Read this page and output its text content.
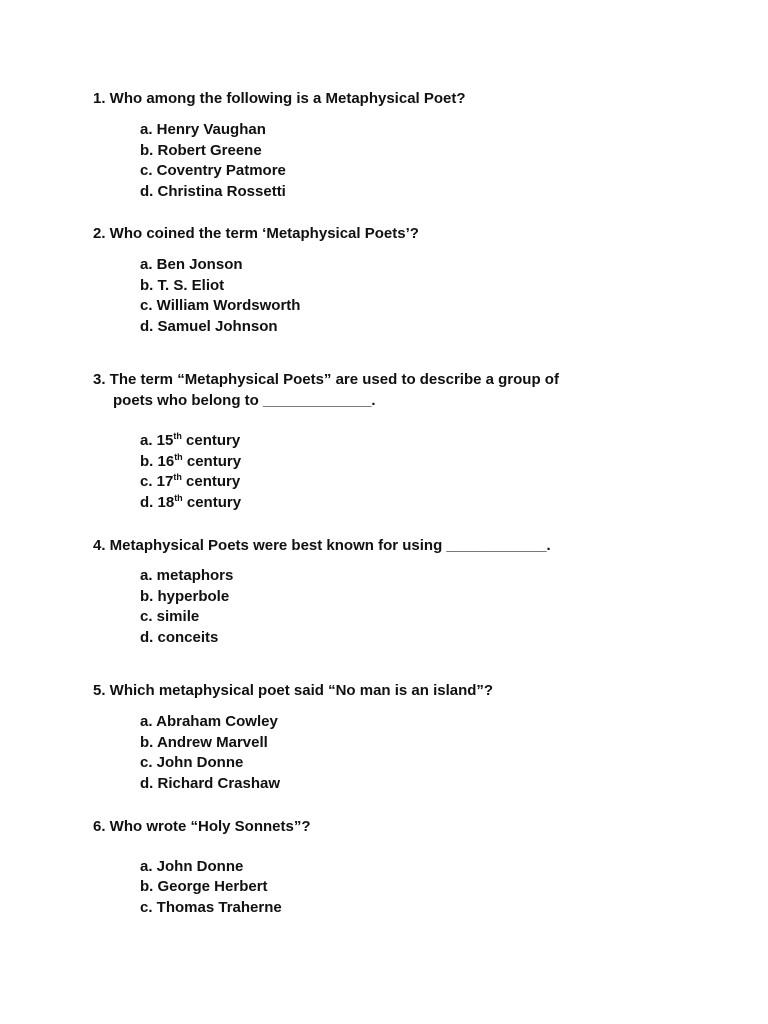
1. Who among the following is a Metaphysical Poet?
a. Henry Vaughan
b. Robert Greene
c. Coventry Patmore
d. Christina Rossetti
2. Who coined the term ‘Metaphysical Poets’?
a. Ben Jonson
b. T. S. Eliot
c. William Wordsworth
d. Samuel Johnson
3. The term “Metaphysical Poets” are used to describe a group of
poets who belong to _____________.
a. 15th century
b. 16th century
c. 17th century
d. 18th century
4. Metaphysical Poets were best known for using ____________.
a. metaphors
b. hyperbole
c. simile
d. conceits
5. Which metaphysical poet said “No man is an island”?
a. Abraham Cowley
b. Andrew Marvell
c. John Donne
d. Richard Crashaw
6. Who wrote “Holy Sonnets”?
a. John Donne
b. George Herbert
c. Thomas Traherne
